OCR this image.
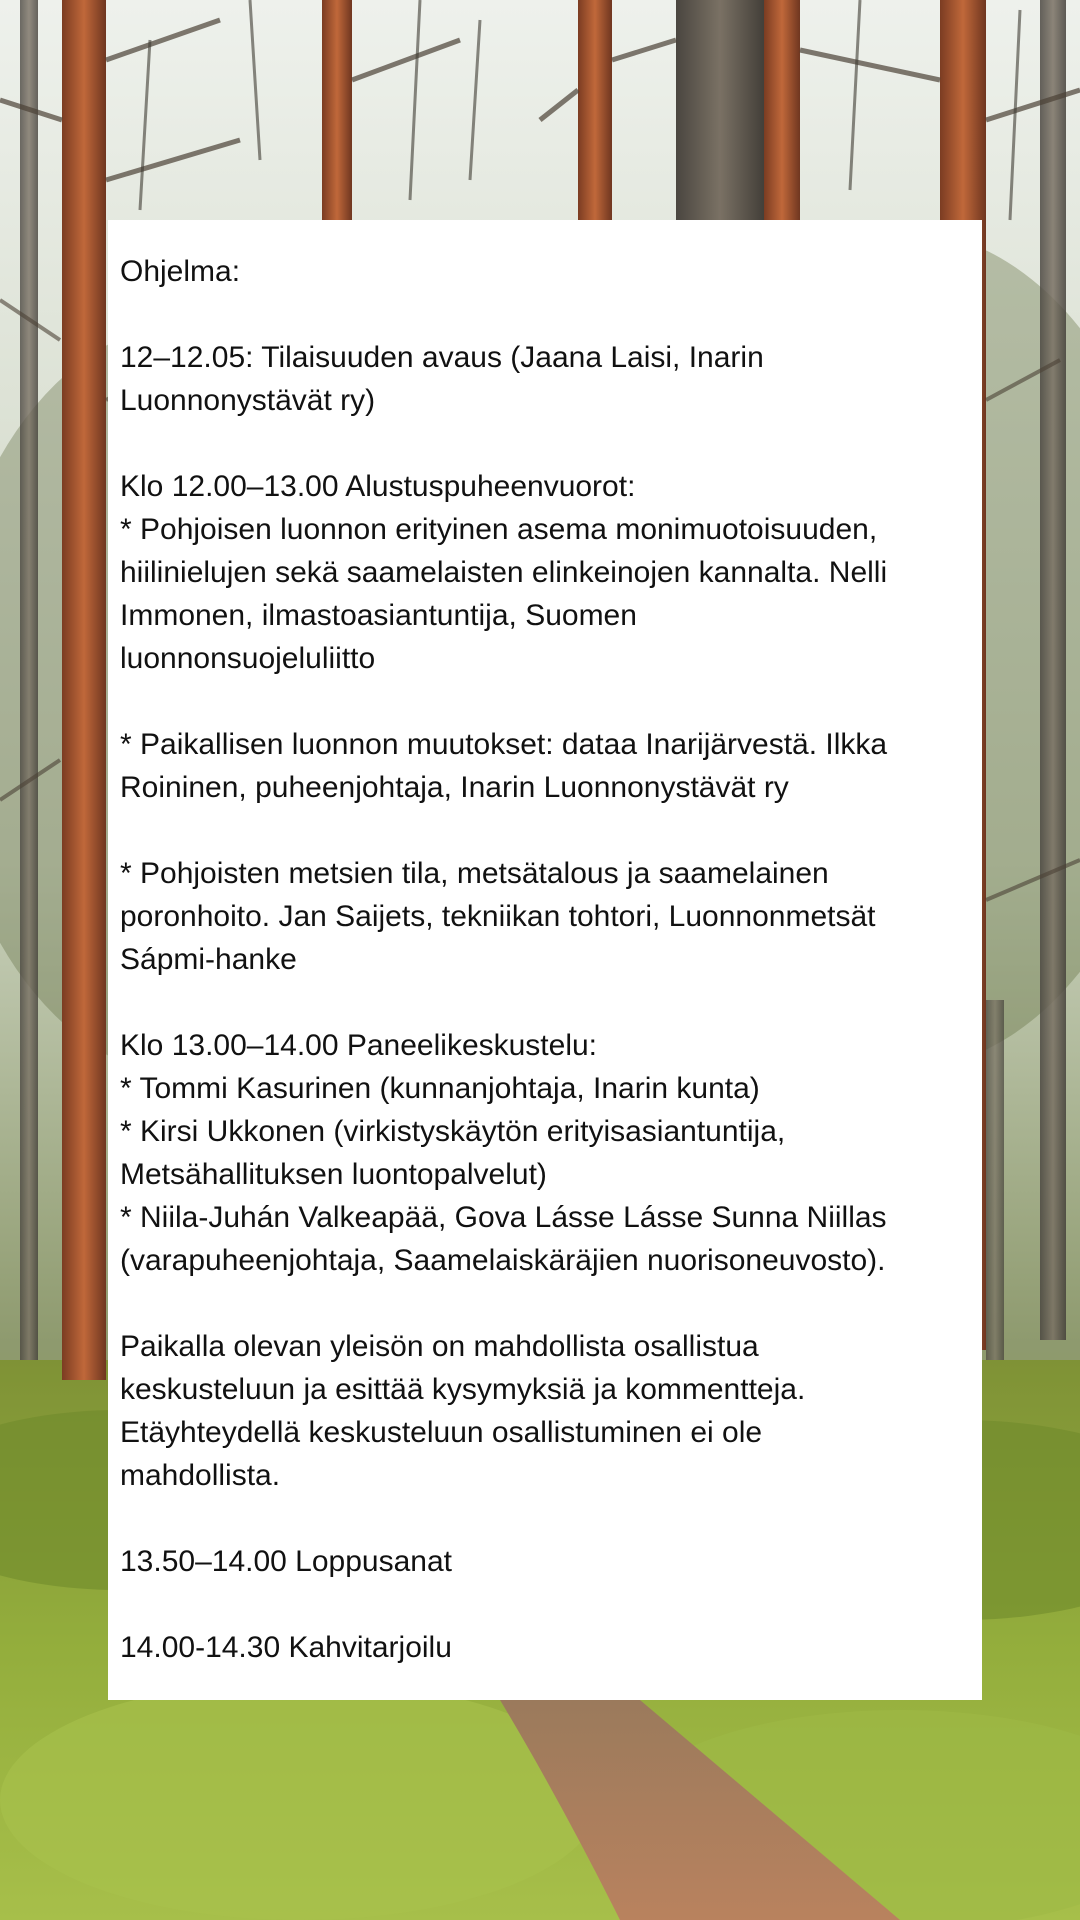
Ohjelma:

12–12.05: Tilaisuuden avaus (Jaana Laisi, Inarin

Luonnonystävät ry)

Klo 12.00–13.00 Alustuspuheenvuorot:

* Pohjoisen luonnon erityinen asema monimuotoisuuden,

hiilinielujen sekä saamelaisten elinkeinojen kannalta. Nelli

Immonen, ilmastoasiantuntija, Suomen

luonnonsuojeluliitto

* Paikallisen luonnon muutokset: dataa Inarijärvestä. Ilkka

Roininen, puheenjohtaja, Inarin Luonnonystävät ry

* Pohjoisten metsien tila, metsätalous ja saamelainen

poronhoito. Jan Saijets, tekniikan tohtori, Luonnonmetsät

Sápmi-hanke

Klo 13.00–14.00 Paneelikeskustelu:

* Tommi Kasurinen (kunnanjohtaja, Inarin kunta)

* Kirsi Ukkonen (virkistyskäytön erityisasiantuntija,

Metsähallituksen luontopalvelut)

* Niila-Juhán Valkeapää, Gova Lásse Lásse Sunna Niillas

(varapuheenjohtaja, Saamelaiskäräjien nuorisoneuvosto).

Paikalla olevan yleisön on mahdollista osallistua

keskusteluun ja esittää kysymyksiä ja kommentteja.

Etäyhteydellä keskusteluun osallistuminen ei ole

mahdollista.

13.50–14.00 Loppusanat

14.00-14.30 Kahvitarjoilu
